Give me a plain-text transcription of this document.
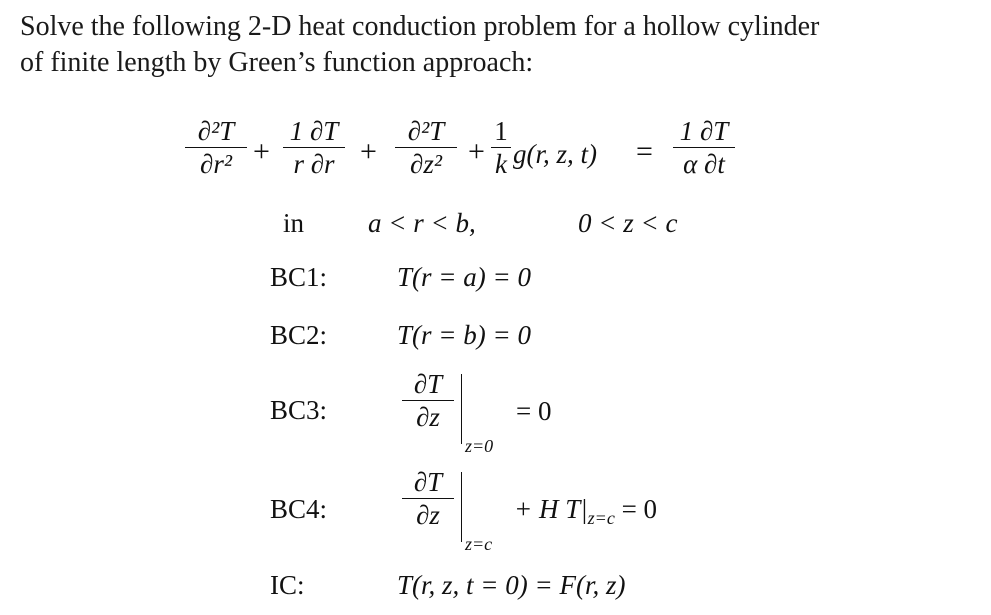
Solve the following 2-D heat conduction problem for a hollow cylinder
of finite length by Green’s function approach:
∂²T
∂r² +
1 ∂T
r ∂r +
∂²T
∂z² +
1
k g(r, z, t) =
1 ∂T
α ∂t
in a < r < b,	0 < z < c
BC1:	T(r = a) = 0
BC2:	T(r = b) = 0
BC3:
∂T
∂z
z=0
= 0
BC4:
∂T
∂z
z=c
+ H $T|_{z=c} = 0$
IC:	T(r, z, t = 0) = F(r, z)
